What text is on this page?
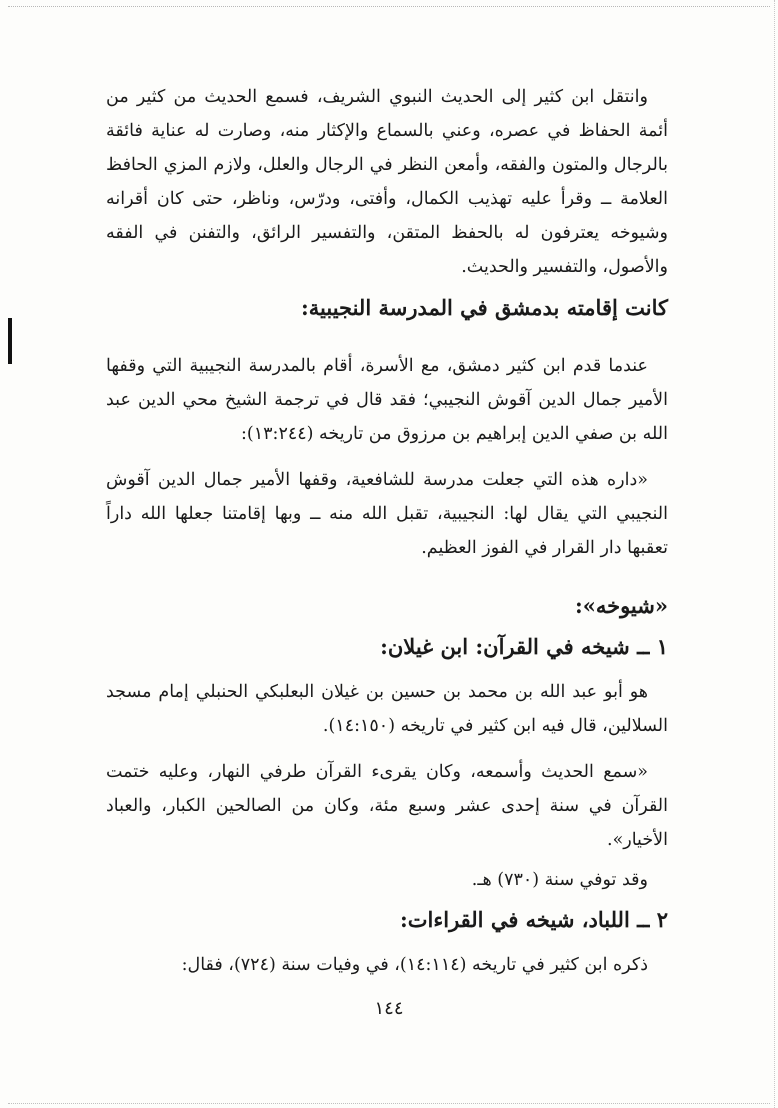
وانتقل ابن كثير إلى الحديث النبوي الشريف، فسمع الحديث من كثير من أئمة الحفاظ في عصره، وعني بالسماع والإكثار منه، وصارت له عناية فائقة بالرجال والمتون والفقه، وأمعن النظر في الرجال والعلل، ولازم المزي الحافظ العلامة ــ وقرأ عليه تهذيب الكمال، وأفتى، ودرّس، وناظر، حتى كان أقرانه وشيوخه يعترفون له بالحفظ المتقن، والتفسير الرائق، والتفنن في الفقه والأصول، والتفسير والحديث.

كانت إقامته بدمشق في المدرسة النجيبية:

عندما قدم ابن كثير دمشق، مع الأسرة، أقام بالمدرسة النجيبية التي وقفها الأمير جمال الدين آقوش النجيبي؛ فقد قال في ترجمة الشيخ محي الدين عبد الله بن صفي الدين إبراهيم بن مرزوق من تاريخه (١٣:٢٤٤):

«داره هذه التي جعلت مدرسة للشافعية، وقفها الأمير جمال الدين آقوش النجيبي التي يقال لها: النجيبية، تقبل الله منه ــ وبها إقامتنا جعلها الله داراً تعقبها دار القرار في الفوز العظيم.

«شيوخه»:

١ ــ شيخه في القرآن: ابن غيلان:

هو أبو عبد الله بن محمد بن حسين بن غيلان البعلبكي الحنبلي إمام مسجد السلالين، قال فيه ابن كثير في تاريخه (١٤:١٥٠).

«سمع الحديث وأسمعه، وكان يقرىء القرآن طرفي النهار، وعليه ختمت القرآن في سنة إحدى عشر وسبع مئة، وكان من الصالحين الكبار، والعباد الأخيار».

وقد توفي سنة (٧٣٠) هـ.

٢ ــ اللباد، شيخه في القراءات:

ذكره ابن كثير في تاريخه (١٤:١١٤)، في وفيات سنة (٧٢٤)، فقال:

١٤٤
